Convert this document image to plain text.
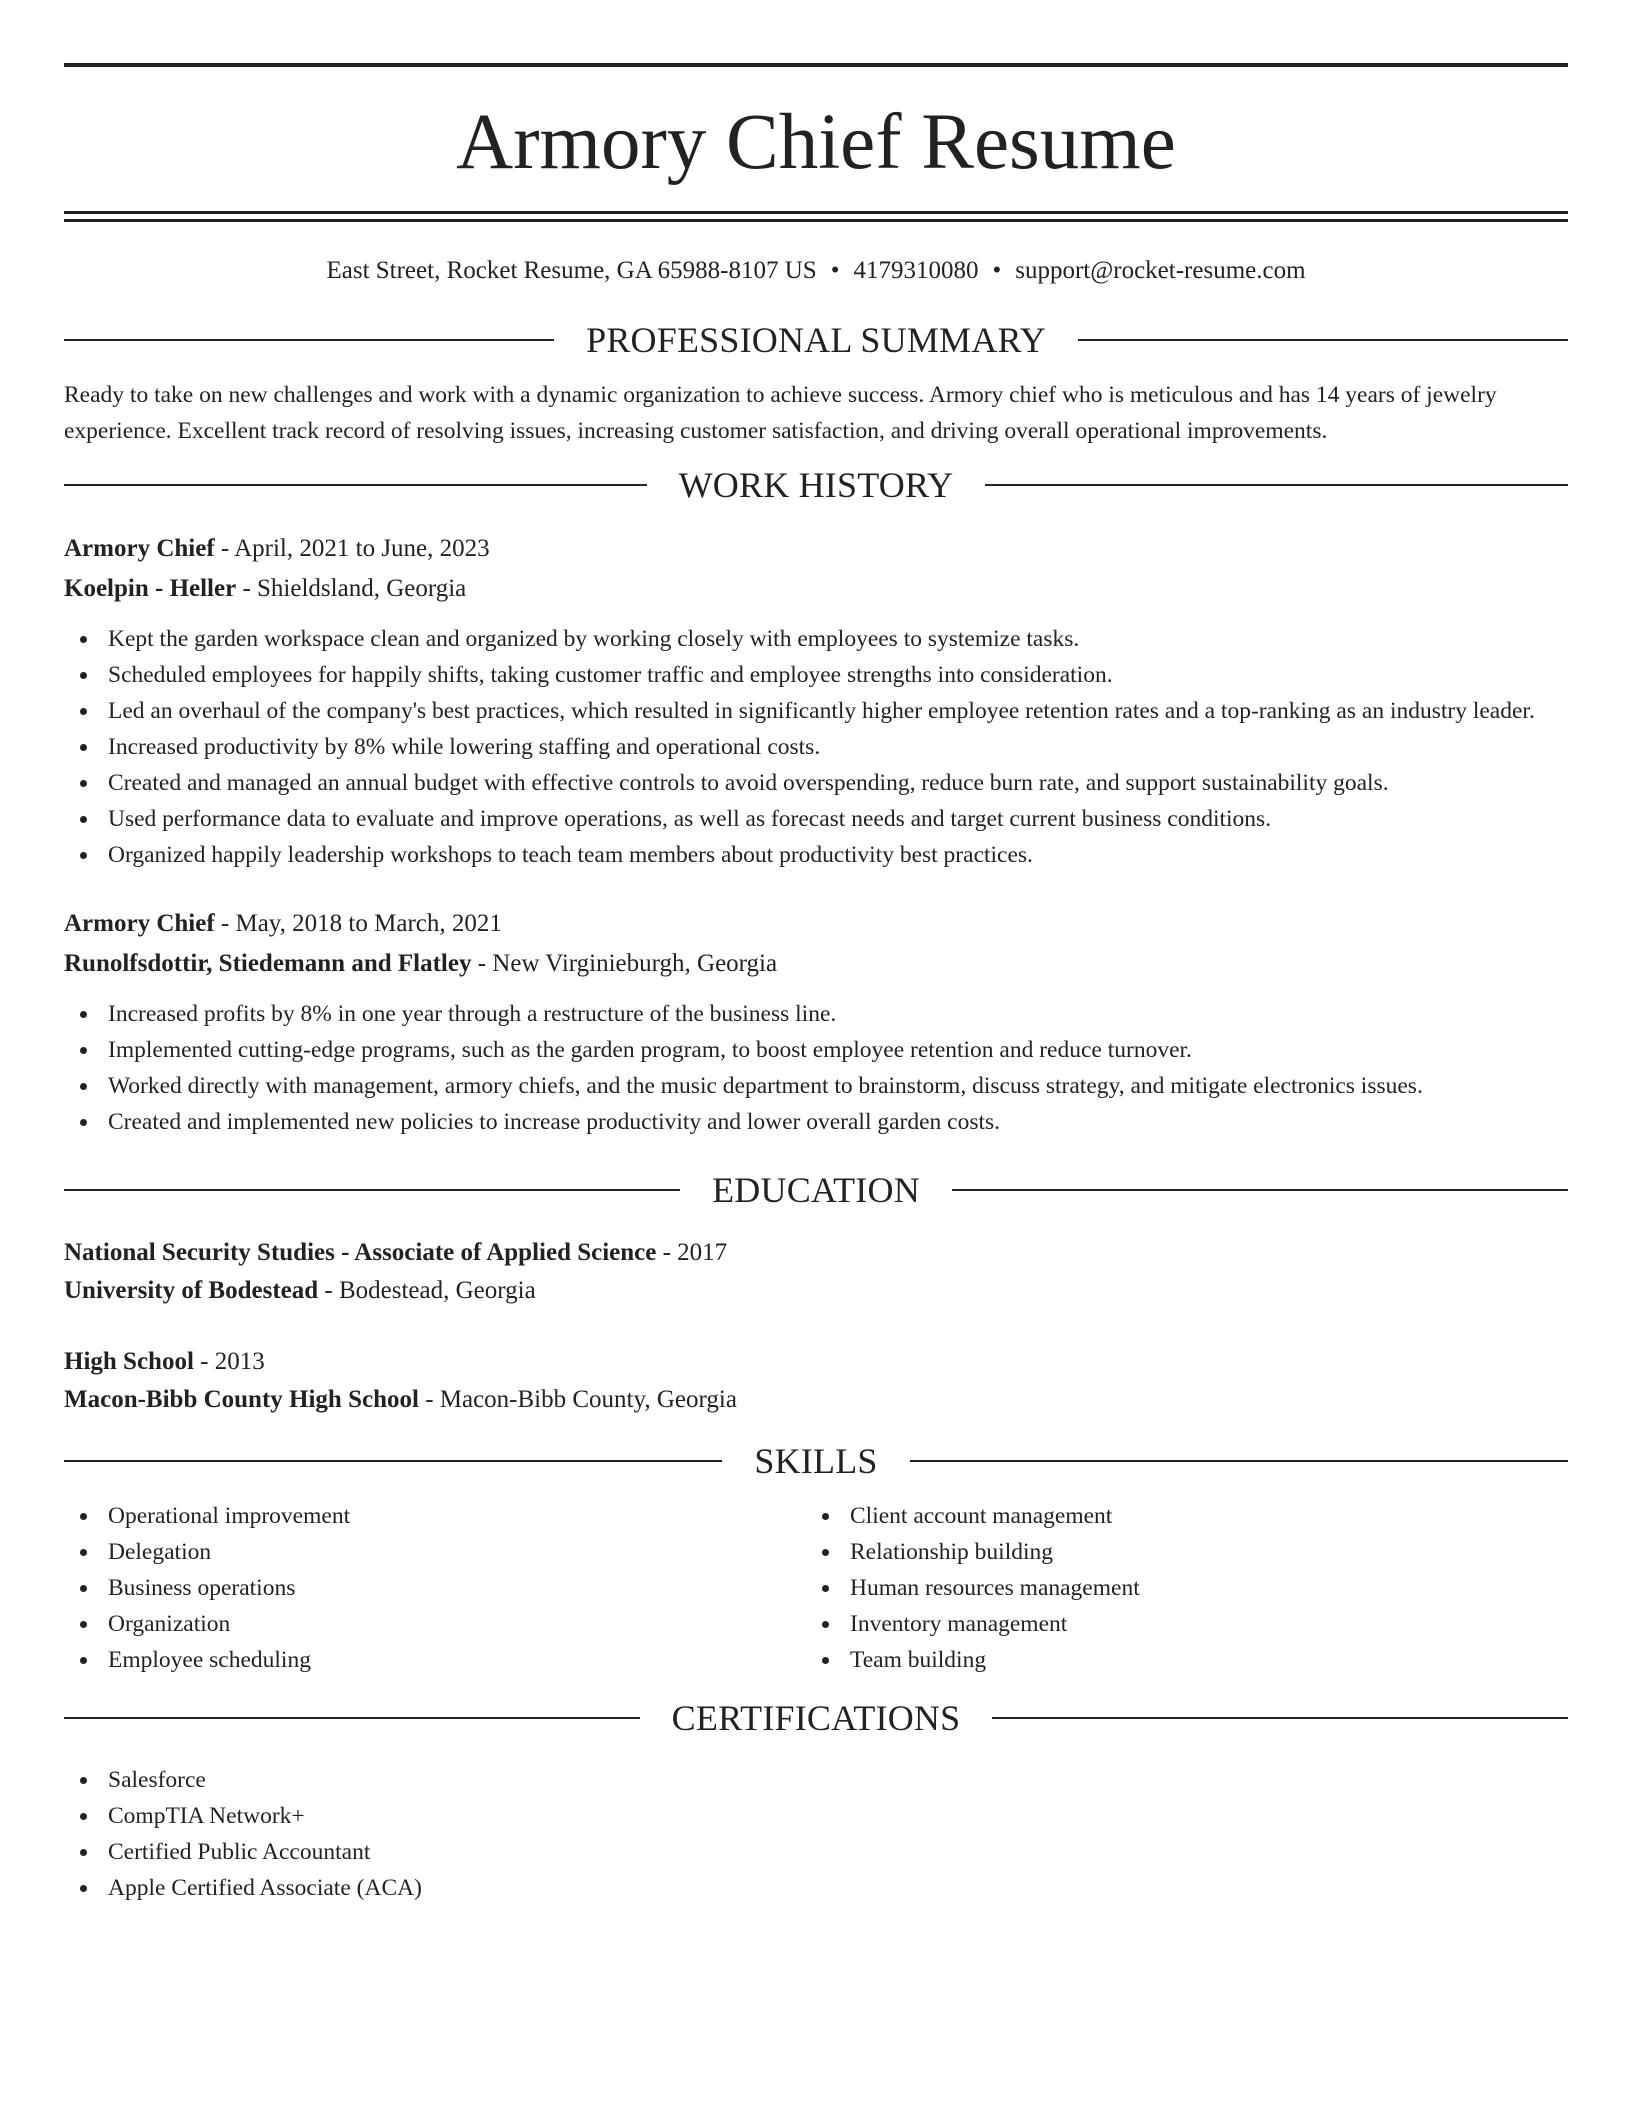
Armory Chief Resume
East Street, Rocket Resume, GA 65988-8107 US • 4179310080 • support@rocket-resume.com
PROFESSIONAL SUMMARY
Ready to take on new challenges and work with a dynamic organization to achieve success. Armory chief who is meticulous and has 14 years of jewelry experience. Excellent track record of resolving issues, increasing customer satisfaction, and driving overall operational improvements.
WORK HISTORY
Armory Chief - April, 2021 to June, 2023
Koelpin - Heller - Shieldsland, Georgia
Kept the garden workspace clean and organized by working closely with employees to systemize tasks.
Scheduled employees for happily shifts, taking customer traffic and employee strengths into consideration.
Led an overhaul of the company's best practices, which resulted in significantly higher employee retention rates and a top-ranking as an industry leader.
Increased productivity by 8% while lowering staffing and operational costs.
Created and managed an annual budget with effective controls to avoid overspending, reduce burn rate, and support sustainability goals.
Used performance data to evaluate and improve operations, as well as forecast needs and target current business conditions.
Organized happily leadership workshops to teach team members about productivity best practices.
Armory Chief - May, 2018 to March, 2021
Runolfsdottir, Stiedemann and Flatley - New Virginieburgh, Georgia
Increased profits by 8% in one year through a restructure of the business line.
Implemented cutting-edge programs, such as the garden program, to boost employee retention and reduce turnover.
Worked directly with management, armory chiefs, and the music department to brainstorm, discuss strategy, and mitigate electronics issues.
Created and implemented new policies to increase productivity and lower overall garden costs.
EDUCATION
National Security Studies - Associate of Applied Science - 2017
University of Bodestead - Bodestead, Georgia
High School - 2013
Macon-Bibb County High School - Macon-Bibb County, Georgia
SKILLS
Operational improvement
Delegation
Business operations
Organization
Employee scheduling
Client account management
Relationship building
Human resources management
Inventory management
Team building
CERTIFICATIONS
Salesforce
CompTIA Network+
Certified Public Accountant
Apple Certified Associate (ACA)
